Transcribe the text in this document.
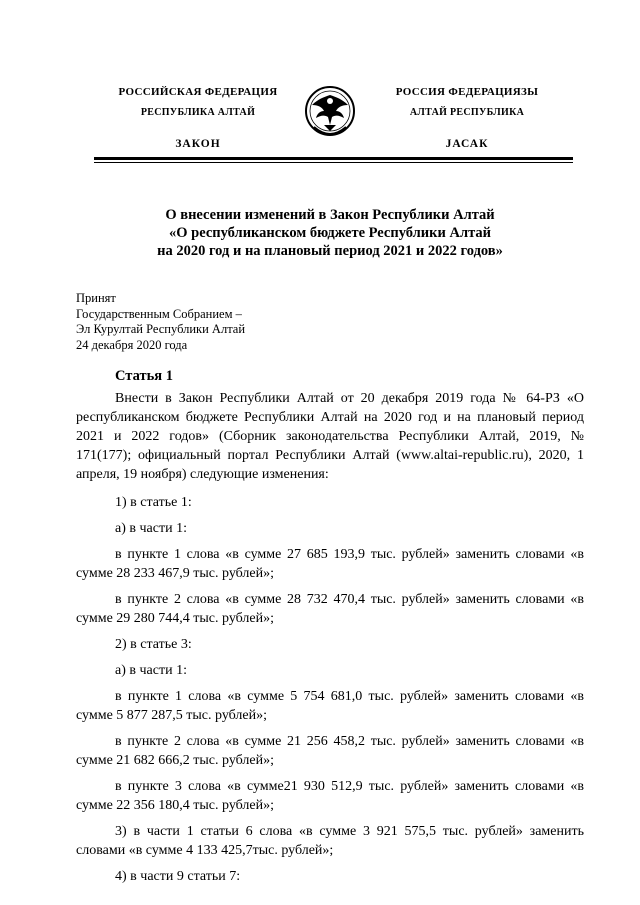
РОССИЙСКАЯ ФЕДЕРАЦИЯ
РЕСПУБЛИКА АЛТАЙ
ЗАКОН
РОССИЯ ФЕДЕРАЦИЯЗЫ
АЛТАЙ РЕСПУБЛИКА
ЈАСАК
О внесении изменений в Закон Республики Алтай
«О республиканском бюджете Республики Алтай
на 2020 год и на плановый период 2021 и 2022 годов»
Принят
Государственным Собранием –
Эл Курултай Республики Алтай
24 декабря 2020 года
Статья 1

Внести в Закон Республики Алтай от 20 декабря 2019 года № 64-РЗ «О республиканском бюджете Республики Алтай на 2020 год и на плановый период 2021 и 2022 годов» (Сборник законодательства Республики Алтай, 2019, № 171(177); официальный портал Республики Алтай (www.altai-republic.ru), 2020, 1 апреля, 19 ноября) следующие изменения:

1) в статье 1:

а) в части 1:

в пункте 1 слова «в сумме 27 685 193,9 тыс. рублей» заменить словами «в сумме 28 233 467,9 тыс. рублей»;

в пункте 2 слова «в сумме 28 732 470,4 тыс. рублей» заменить словами «в сумме 29 280 744,4 тыс. рублей»;

2) в статье 3:

а) в части 1:

в пункте 1 слова «в сумме 5 754 681,0 тыс. рублей» заменить словами «в сумме 5 877 287,5 тыс. рублей»;

в пункте 2 слова «в сумме 21 256 458,2 тыс. рублей» заменить словами «в сумме 21 682 666,2 тыс. рублей»;

в пункте 3 слова «в сумме21 930 512,9 тыс. рублей» заменить словами «в сумме 22 356 180,4 тыс. рублей»;

3) в части 1 статьи 6 слова «в сумме 3 921 575,5 тыс. рублей» заменить словами «в сумме 4 133 425,7тыс. рублей»;

4) в части 9 статьи 7:
